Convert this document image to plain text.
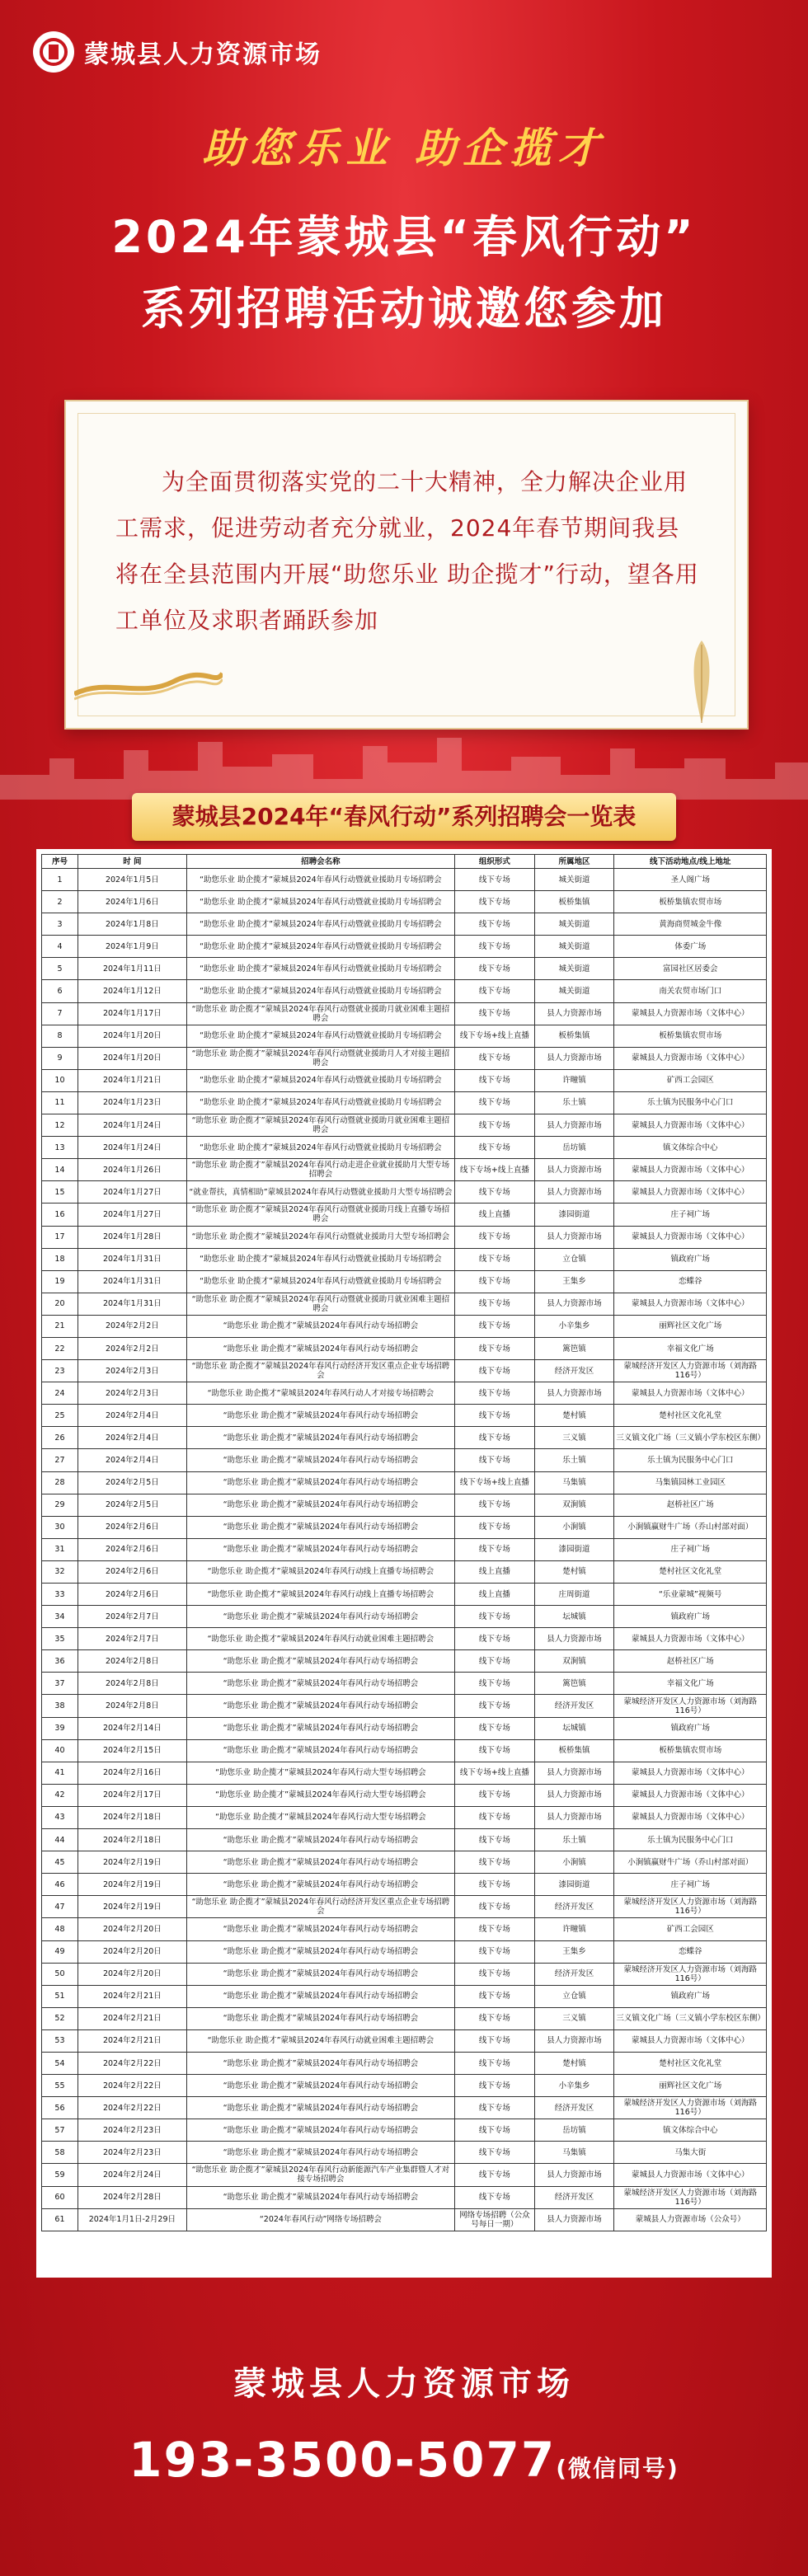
蒙城县人力资源市场
助您乐业 助企揽才
2024年蒙城县“春风行动”
系列招聘活动诚邀您参加
为全面贯彻落实党的二十大精神，全力解决企业用工需求，促进劳动者充分就业，2024年春节期间我县将在全县范围内开展“助您乐业 助企揽才”行动，望各用工单位及求职者踊跃参加
蒙城县2024年“春风行动”系列招聘会一览表
序号	时 间	招聘会名称	组织形式	所属地区	线下活动地点/线上地址
1	2024年1月5日	“助您乐业 助企揽才”蒙城县2024年春风行动暨就业援助月专场招聘会	线下专场	城关街道	圣人阁广场
2	2024年1月6日	“助您乐业 助企揽才”蒙城县2024年春风行动暨就业援助月专场招聘会	线下专场	板桥集镇	板桥集镇农贸市场
3	2024年1月8日	“助您乐业 助企揽才”蒙城县2024年春风行动暨就业援助月专场招聘会	线下专场	城关街道	黄海商贸城金牛像
4	2024年1月9日	“助您乐业 助企揽才”蒙城县2024年春风行动暨就业援助月专场招聘会	线下专场	城关街道	体委广场
5	2024年1月11日	“助您乐业 助企揽才”蒙城县2024年春风行动暨就业援助月专场招聘会	线下专场	城关街道	富园社区居委会
6	2024年1月12日	“助您乐业 助企揽才”蒙城县2024年春风行动暨就业援助月专场招聘会	线下专场	城关街道	南关农贸市场门口
7	2024年1月17日	“助您乐业 助企揽才”蒙城县2024年春风行动暨就业援助月就业困难主题招聘会	线下专场	县人力资源市场	蒙城县人力资源市场（文体中心）
8	2024年1月20日	“助您乐业 助企揽才”蒙城县2024年春风行动暨就业援助月专场招聘会	线下专场+线上直播	板桥集镇	板桥集镇农贸市场
9	2024年1月20日	“助您乐业 助企揽才”蒙城县2024年春风行动暨就业援助月人才对接主题招聘会	线下专场	县人力资源市场	蒙城县人力资源市场（文体中心）
10	2024年1月21日	“助您乐业 助企揽才”蒙城县2024年春风行动暨就业援助月专场招聘会	线下专场	许疃镇	矿西工会园区
11	2024年1月23日	“助您乐业 助企揽才”蒙城县2024年春风行动暨就业援助月专场招聘会	线下专场	乐土镇	乐土镇为民服务中心门口
12	2024年1月24日	“助您乐业 助企揽才”蒙城县2024年春风行动暨就业援助月就业困难主题招聘会	线下专场	县人力资源市场	蒙城县人力资源市场（文体中心）
13	2024年1月24日	“助您乐业 助企揽才”蒙城县2024年春风行动暨就业援助月专场招聘会	线下专场	岳坊镇	镇文体综合中心
14	2024年1月26日	“助您乐业 助企揽才”蒙城县2024年春风行动走进企业就业援助月大型专场招聘会	线下专场+线上直播	县人力资源市场	蒙城县人力资源市场（文体中心）
15	2024年1月27日	“就业帮扶，真情相助”蒙城县2024年春风行动暨就业援助月大型专场招聘会	线下专场	县人力资源市场	蒙城县人力资源市场（文体中心）
16	2024年1月27日	“助您乐业 助企揽才”蒙城县2024年春风行动暨就业援助月线上直播专场招聘会	线上直播	漆园街道	庄子祠广场
17	2024年1月28日	“助您乐业 助企揽才”蒙城县2024年春风行动暨就业援助月大型专场招聘会	线下专场	县人力资源市场	蒙城县人力资源市场（文体中心）
18	2024年1月31日	“助您乐业 助企揽才”蒙城县2024年春风行动暨就业援助月专场招聘会	线下专场	立仓镇	镇政府广场
19	2024年1月31日	“助您乐业 助企揽才”蒙城县2024年春风行动暨就业援助月专场招聘会	线下专场	王集乡	恋蝶谷
20	2024年1月31日	“助您乐业 助企揽才”蒙城县2024年春风行动暨就业援助月就业困难主题招聘会	线下专场	县人力资源市场	蒙城县人力资源市场（文体中心）
21	2024年2月2日	“助您乐业 助企揽才”蒙城县2024年春风行动专场招聘会	线下专场	小辛集乡	丽辉社区文化广场
22	2024年2月2日	“助您乐业 助企揽才”蒙城县2024年春风行动专场招聘会	线下专场	篱笆镇	幸福文化广场
23	2024年2月3日	“助您乐业 助企揽才”蒙城县2024年春风行动经济开发区重点企业专场招聘会	线下专场	经济开发区	蒙城经济开发区人力资源市场（刘海路116号）
24	2024年2月3日	“助您乐业 助企揽才”蒙城县2024年春风行动人才对接专场招聘会	线下专场	县人力资源市场	蒙城县人力资源市场（文体中心）
25	2024年2月4日	“助您乐业 助企揽才”蒙城县2024年春风行动专场招聘会	线下专场	楚村镇	楚村社区文化礼堂
26	2024年2月4日	“助您乐业 助企揽才”蒙城县2024年春风行动专场招聘会	线下专场	三义镇	三义镇文化广场（三义镇小学东校区东侧）
27	2024年2月4日	“助您乐业 助企揽才”蒙城县2024年春风行动专场招聘会	线下专场	乐土镇	乐土镇为民服务中心门口
28	2024年2月5日	“助您乐业 助企揽才”蒙城县2024年春风行动专场招聘会	线下专场+线上直播	马集镇	马集镇园林工业园区
29	2024年2月5日	“助您乐业 助企揽才”蒙城县2024年春风行动专场招聘会	线下专场	双涧镇	赵桥社区广场
30	2024年2月6日	“助您乐业 助企揽才”蒙城县2024年春风行动专场招聘会	线下专场	小涧镇	小涧镇赢财牛广场（乔山村部对面）
31	2024年2月6日	“助您乐业 助企揽才”蒙城县2024年春风行动专场招聘会	线下专场	漆园街道	庄子祠广场
32	2024年2月6日	“助您乐业 助企揽才”蒙城县2024年春风行动线上直播专场招聘会	线上直播	楚村镇	楚村社区文化礼堂
33	2024年2月6日	“助您乐业 助企揽才”蒙城县2024年春风行动线上直播专场招聘会	线上直播	庄周街道	“乐业蒙城”视频号
34	2024年2月7日	“助您乐业 助企揽才”蒙城县2024年春风行动专场招聘会	线下专场	坛城镇	镇政府广场
35	2024年2月7日	“助您乐业 助企揽才”蒙城县2024年春风行动就业困难主题招聘会	线下专场	县人力资源市场	蒙城县人力资源市场（文体中心）
36	2024年2月8日	“助您乐业 助企揽才”蒙城县2024年春风行动专场招聘会	线下专场	双涧镇	赵桥社区广场
37	2024年2月8日	“助您乐业 助企揽才”蒙城县2024年春风行动专场招聘会	线下专场	篱笆镇	幸福文化广场
38	2024年2月8日	“助您乐业 助企揽才”蒙城县2024年春风行动专场招聘会	线下专场	经济开发区	蒙城经济开发区人力资源市场（刘海路116号）
39	2024年2月14日	“助您乐业 助企揽才”蒙城县2024年春风行动专场招聘会	线下专场	坛城镇	镇政府广场
40	2024年2月15日	“助您乐业 助企揽才”蒙城县2024年春风行动专场招聘会	线下专场	板桥集镇	板桥集镇农贸市场
41	2024年2月16日	“助您乐业 助企揽才”蒙城县2024年春风行动大型专场招聘会	线下专场+线上直播	县人力资源市场	蒙城县人力资源市场（文体中心）
42	2024年2月17日	“助您乐业 助企揽才”蒙城县2024年春风行动大型专场招聘会	线下专场	县人力资源市场	蒙城县人力资源市场（文体中心）
43	2024年2月18日	“助您乐业 助企揽才”蒙城县2024年春风行动大型专场招聘会	线下专场	县人力资源市场	蒙城县人力资源市场（文体中心）
44	2024年2月18日	“助您乐业 助企揽才”蒙城县2024年春风行动专场招聘会	线下专场	乐土镇	乐土镇为民服务中心门口
45	2024年2月19日	“助您乐业 助企揽才”蒙城县2024年春风行动专场招聘会	线下专场	小涧镇	小涧镇赢财牛广场（乔山村部对面）
46	2024年2月19日	“助您乐业 助企揽才”蒙城县2024年春风行动专场招聘会	线下专场	漆园街道	庄子祠广场
47	2024年2月19日	“助您乐业 助企揽才”蒙城县2024年春风行动经济开发区重点企业专场招聘会	线下专场	经济开发区	蒙城经济开发区人力资源市场（刘海路116号）
48	2024年2月20日	“助您乐业 助企揽才”蒙城县2024年春风行动专场招聘会	线下专场	许疃镇	矿西工会园区
49	2024年2月20日	“助您乐业 助企揽才”蒙城县2024年春风行动专场招聘会	线下专场	王集乡	恋蝶谷
50	2024年2月20日	“助您乐业 助企揽才”蒙城县2024年春风行动专场招聘会	线下专场	经济开发区	蒙城经济开发区人力资源市场（刘海路116号）
51	2024年2月21日	“助您乐业 助企揽才”蒙城县2024年春风行动专场招聘会	线下专场	立仓镇	镇政府广场
52	2024年2月21日	“助您乐业 助企揽才”蒙城县2024年春风行动专场招聘会	线下专场	三义镇	三义镇文化广场（三义镇小学东校区东侧）
53	2024年2月21日	“助您乐业 助企揽才”蒙城县2024年春风行动就业困难主题招聘会	线下专场	县人力资源市场	蒙城县人力资源市场（文体中心）
54	2024年2月22日	“助您乐业 助企揽才”蒙城县2024年春风行动专场招聘会	线下专场	楚村镇	楚村社区文化礼堂
55	2024年2月22日	“助您乐业 助企揽才”蒙城县2024年春风行动专场招聘会	线下专场	小辛集乡	丽辉社区文化广场
56	2024年2月22日	“助您乐业 助企揽才”蒙城县2024年春风行动专场招聘会	线下专场	经济开发区	蒙城经济开发区人力资源市场（刘海路116号）
57	2024年2月23日	“助您乐业 助企揽才”蒙城县2024年春风行动专场招聘会	线下专场	岳坊镇	镇文体综合中心
58	2024年2月23日	“助您乐业 助企揽才”蒙城县2024年春风行动专场招聘会	线下专场	马集镇	马集大街
59	2024年2月24日	“助您乐业 助企揽才”蒙城县2024年春风行动新能源汽车产业集群暨人才对接专场招聘会	线下专场	县人力资源市场	蒙城县人力资源市场（文体中心）
60	2024年2月28日	“助您乐业 助企揽才”蒙城县2024年春风行动专场招聘会	线下专场	经济开发区	蒙城经济开发区人力资源市场（刘海路116号）
61	2024年1月1日-2月29日	“2024年春风行动”网络专场招聘会	网络专场招聘（公众号每日一期）	县人力资源市场	蒙城县人力资源市场（公众号）
蒙城县人力资源市场
193-3500-5077(微信同号)
